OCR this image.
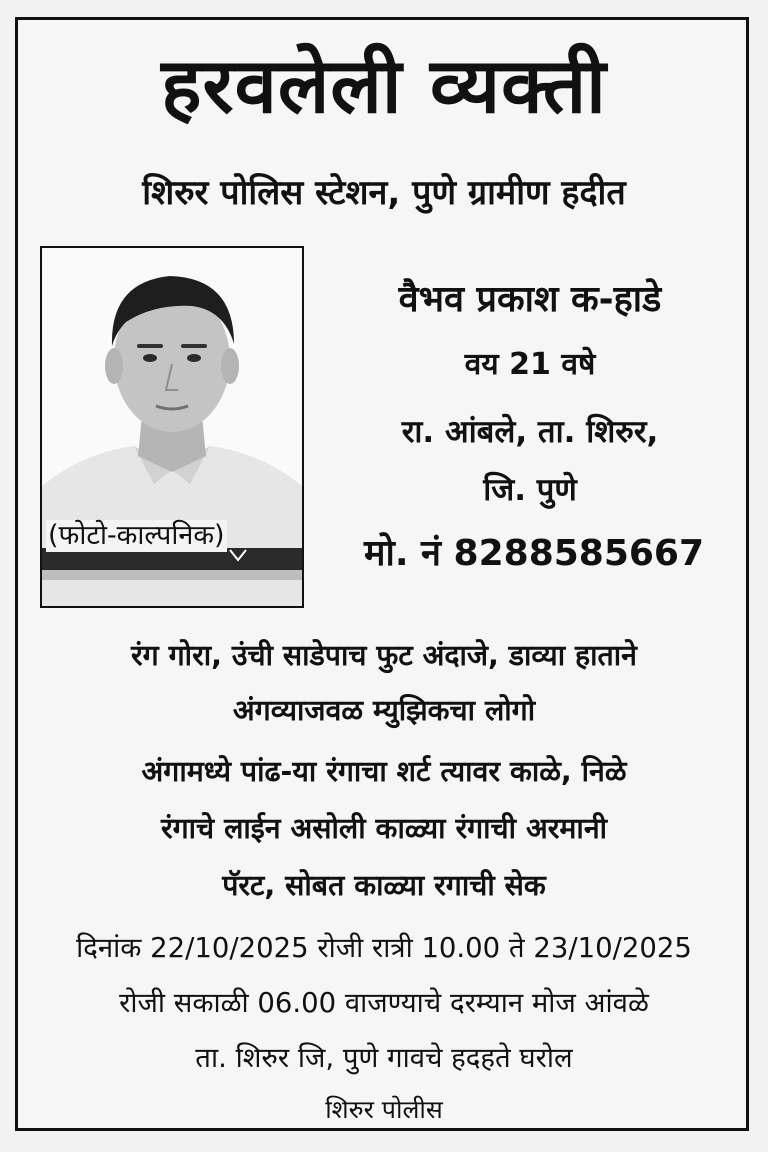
हरवलेली व्यक्ती
शिरुर पोलिस स्टेशन, पुणे ग्रामीण हदीत
(फोटो-काल्पनिक)
वैभव प्रकाश क-हाडे
वय 21 वषे
रा. आंबले, ता. शिरुर,
जि. पुणे
मो. नं 8288585667
रंग गोरा, उंची साडेपाच फुट अंदाजे, डाव्या हाताने
अंगव्याजवळ म्युझिकचा लोगो
अंगामध्ये पांढ-या रंगाचा शर्ट त्यावर काळे, निळे
रंगाचे लाईन असोली काळ्या रंगाची अरमानी
पॅरट, सोबत काळ्या रगाची सेक
दिनांक 22/10/2025 रोजी रात्री 10.00 ते 23/10/2025
रोजी सकाळी 06.00 वाजण्याचे दरम्यान मोज आंवळे
ता. शिरुर जि, पुणे गावचे हदहते घरोल
शिरुर पोलीस
